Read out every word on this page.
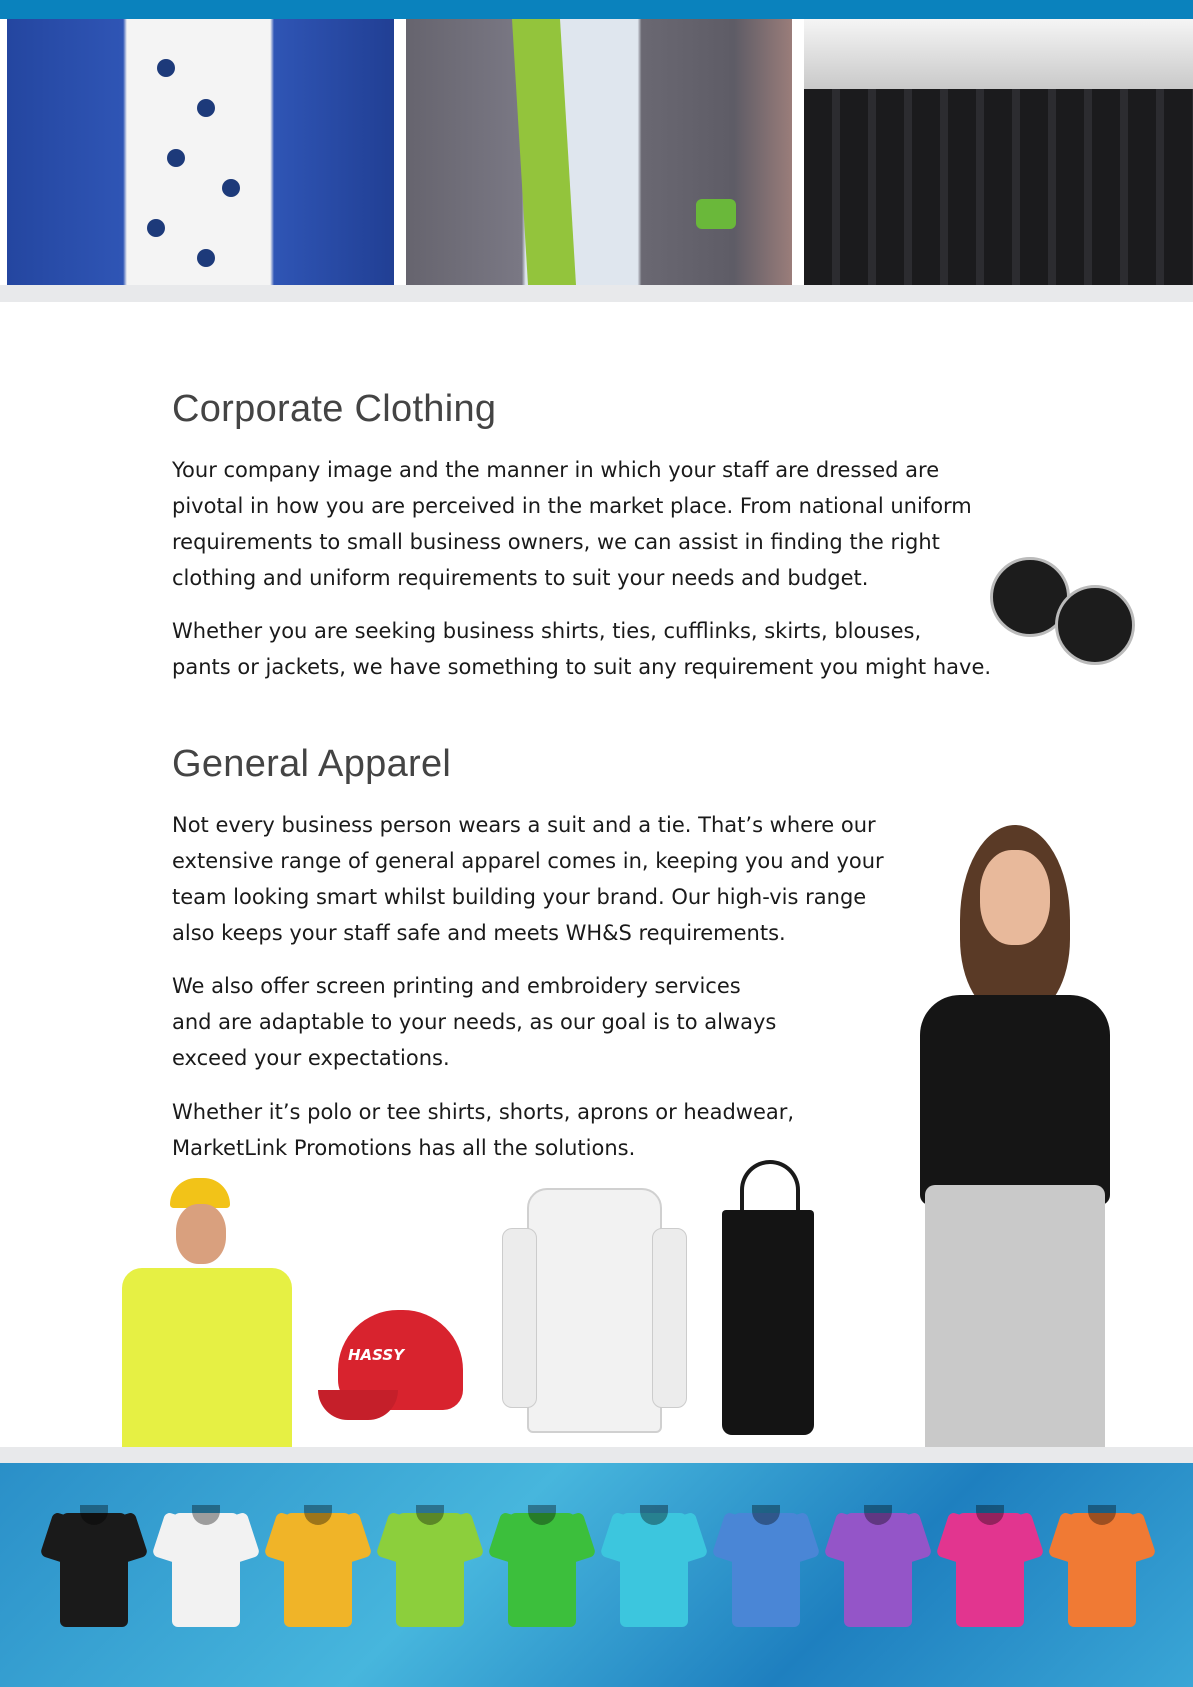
Corporate Clothing
Your company image and the manner in which your staff are dressed are
pivotal in how you are perceived in the market place. From national uniform
requirements to small business owners, we can assist in finding the right
clothing and uniform requirements to suit your needs and budget.
Whether you are seeking business shirts, ties, cufflinks, skirts, blouses,
pants or jackets, we have something to suit any requirement you might have.
General Apparel
Not every business person wears a suit and a tie. That’s where our
extensive range of general apparel comes in, keeping you and your
team looking smart whilst building your brand. Our high-vis range
also keeps your staff safe and meets WH&S requirements.
We also offer screen printing and embroidery services
and are adaptable to your needs, as our goal is to always
exceed your expectations.
Whether it’s polo or tee shirts, shorts, aprons or headwear,
MarketLink Promotions has all the solutions.
HASSY
